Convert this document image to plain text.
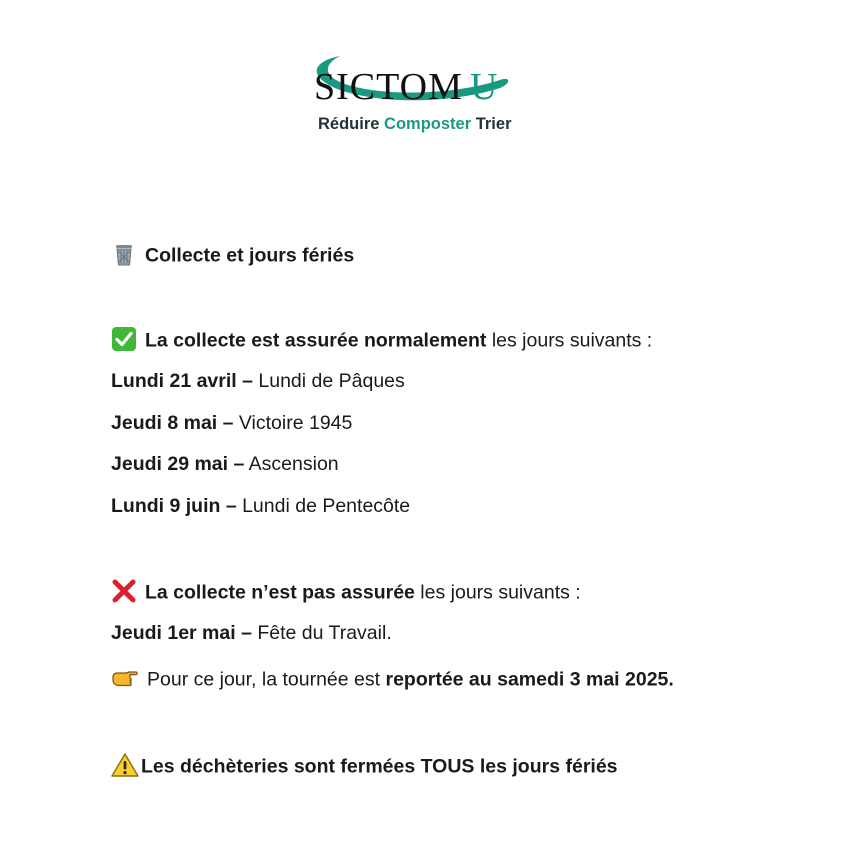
SICTOM U
Réduire Composter Trier
Collecte et jours fériés
La collecte est assurée normalement les jours suivants :
Lundi 21 avril – Lundi de Pâques
Jeudi 8 mai – Victoire 1945
Jeudi 29 mai – Ascension
Lundi 9 juin – Lundi de Pentecôte
La collecte n’est pas assurée les jours suivants :
Jeudi 1er mai – Fête du Travail.
Pour ce jour, la tournée est reportée au samedi 3 mai 2025.
Les déchèteries sont fermées TOUS les jours fériés
